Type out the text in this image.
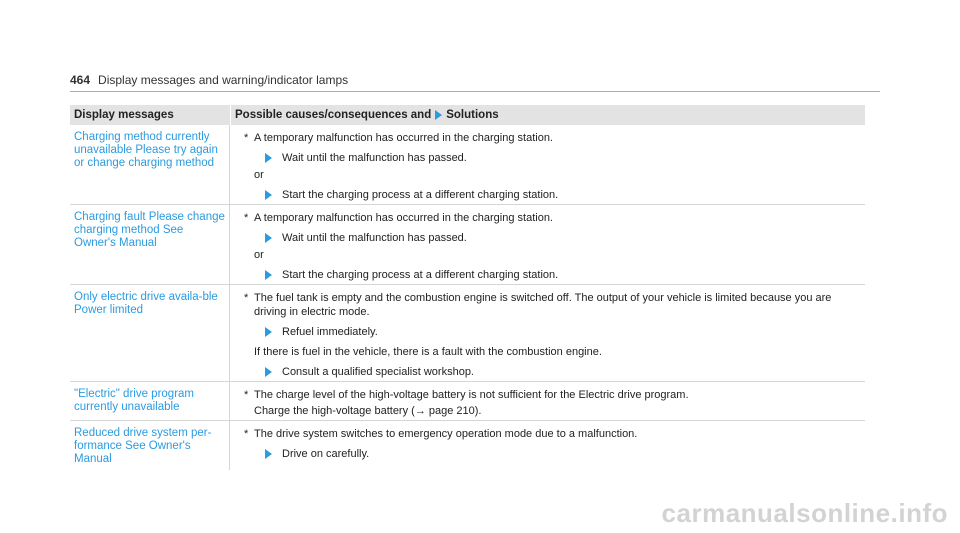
464 Display messages and warning/indicator lamps
Display messages	Possible causes/consequences and Solutions
Charging method currently unavailable Please try again or change charging method
* A temporary malfunction has occurred in the charging station.
Wait until the malfunction has passed.
or
Start the charging process at a different charging station.
Charging fault Please change charging method See Owner's Manual
* A temporary malfunction has occurred in the charging station.
Wait until the malfunction has passed.
or
Start the charging process at a different charging station.
Only electric drive availa-ble Power limited
* The fuel tank is empty and the combustion engine is switched off. The output of your vehicle is limited because you are driving in electric mode.
Refuel immediately.
If there is fuel in the vehicle, there is a fault with the combustion engine.
Consult a qualified specialist workshop.
"Electric" drive program currently unavailable
* The charge level of the high-voltage battery is not sufficient for the Electric drive program.
Charge the high-voltage battery (→ page 210).
Reduced drive system per-formance See Owner's Manual
* The drive system switches to emergency operation mode due to a malfunction.
Drive on carefully.
carmanualsonline.info
